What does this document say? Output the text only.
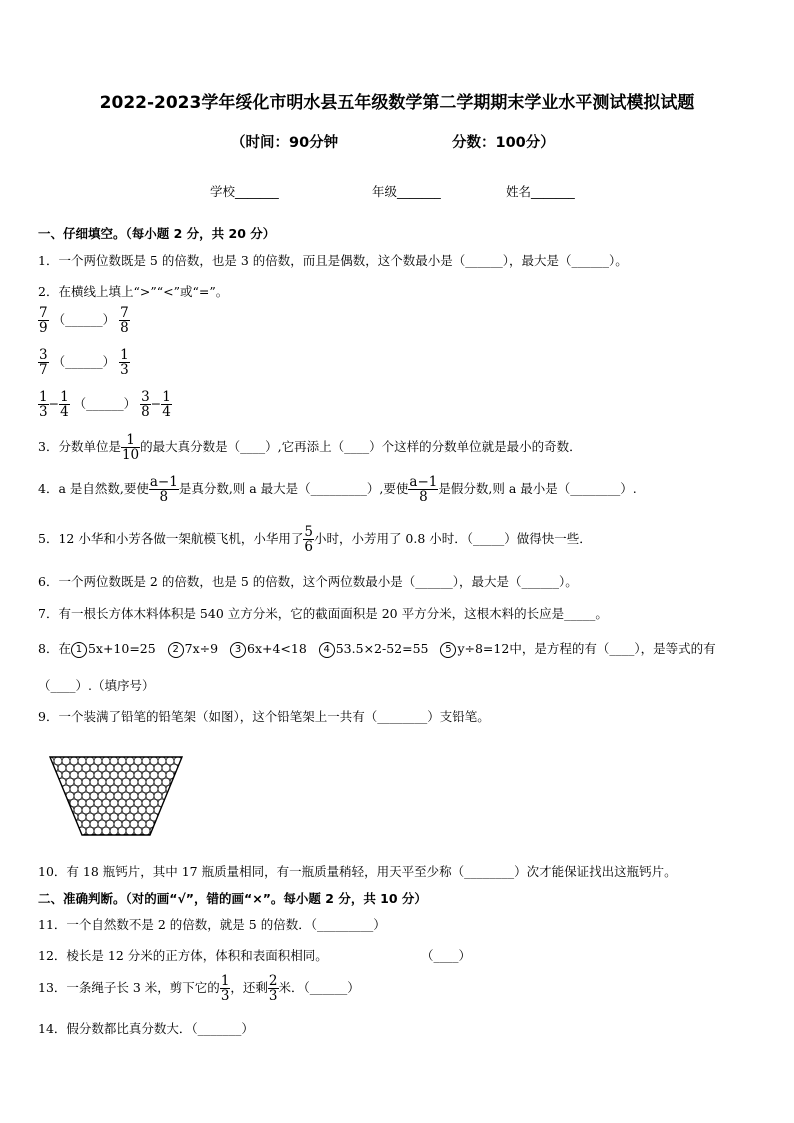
2022-2023学年绥化市明水县五年级数学第二学期期末学业水平测试模拟试题
（时间：90分钟	分数：100分）
学校_______	年级_______	姓名_______
一、仔细填空。（每小题 2 分，共 20 分）
1．一个两位数既是 5 的倍数，也是 3 的倍数，而且是偶数，这个数最小是（______），最大是（______）。
2．在横线上填上“>”“<”或“=”。
$\frac{7}{9}$ （______） $\frac{7}{8}$
$\frac{3}{7}$ （______） $\frac{1}{3}$
$\frac{1}{3} - \frac{1}{4}$ （______） $\frac{3}{8} - \frac{1}{4}$
3．分数单位是 $\frac{1}{10}$ 的最大真分数是（____）,它再添上（____）个这样的分数单位就是最小的奇数．
4．a 是自然数,要使 $\frac{a-1}{8}$ 是真分数,则 a 最大是（_________）,要使 $\frac{a-1}{8}$ 是假分数,则 a 最小是（________）.
5．12 小华和小芳各做一架航模飞机，小华用了 $\frac{5}{6}$ 小时，小芳用了 0.8 小时．（_____）做得快一些．
6．一个两位数既是 2 的倍数，也是 5 的倍数，这个两位数最小是（______），最大是（______）。
7．有一根长方体木料体积是 540 立方分米，它的截面面积是 20 平方分米，这根木料的长应是_____。
8．在 1 5x+10=25 2 7x÷9 3 6x+4<18 4 53.5×2-52=55 5 y÷8=12中，是方程的有（____），是等式的有
（____）.（填序号）
9．一个装满了铅笔的铅笔架（如图），这个铅笔架上一共有（________）支铅笔。
10．有 18 瓶钙片，其中 17 瓶质量相同，有一瓶质量稍轻，用天平至少称（________）次才能保证找出这瓶钙片。
二、准确判断。（对的画“√”，错的画“×”。每小题 2 分，共 10 分）
11．一个自然数不是 2 的倍数，就是 5 的倍数．（_________）
12．棱长是 12 分米的正方体，体积和表面积相同。	（____）
13．一条绳子长 3 米，剪下它的 $\frac{1}{3}$ ，还剩 $\frac{2}{3}$ 米．（______）
14．假分数都比真分数大．（_______）
